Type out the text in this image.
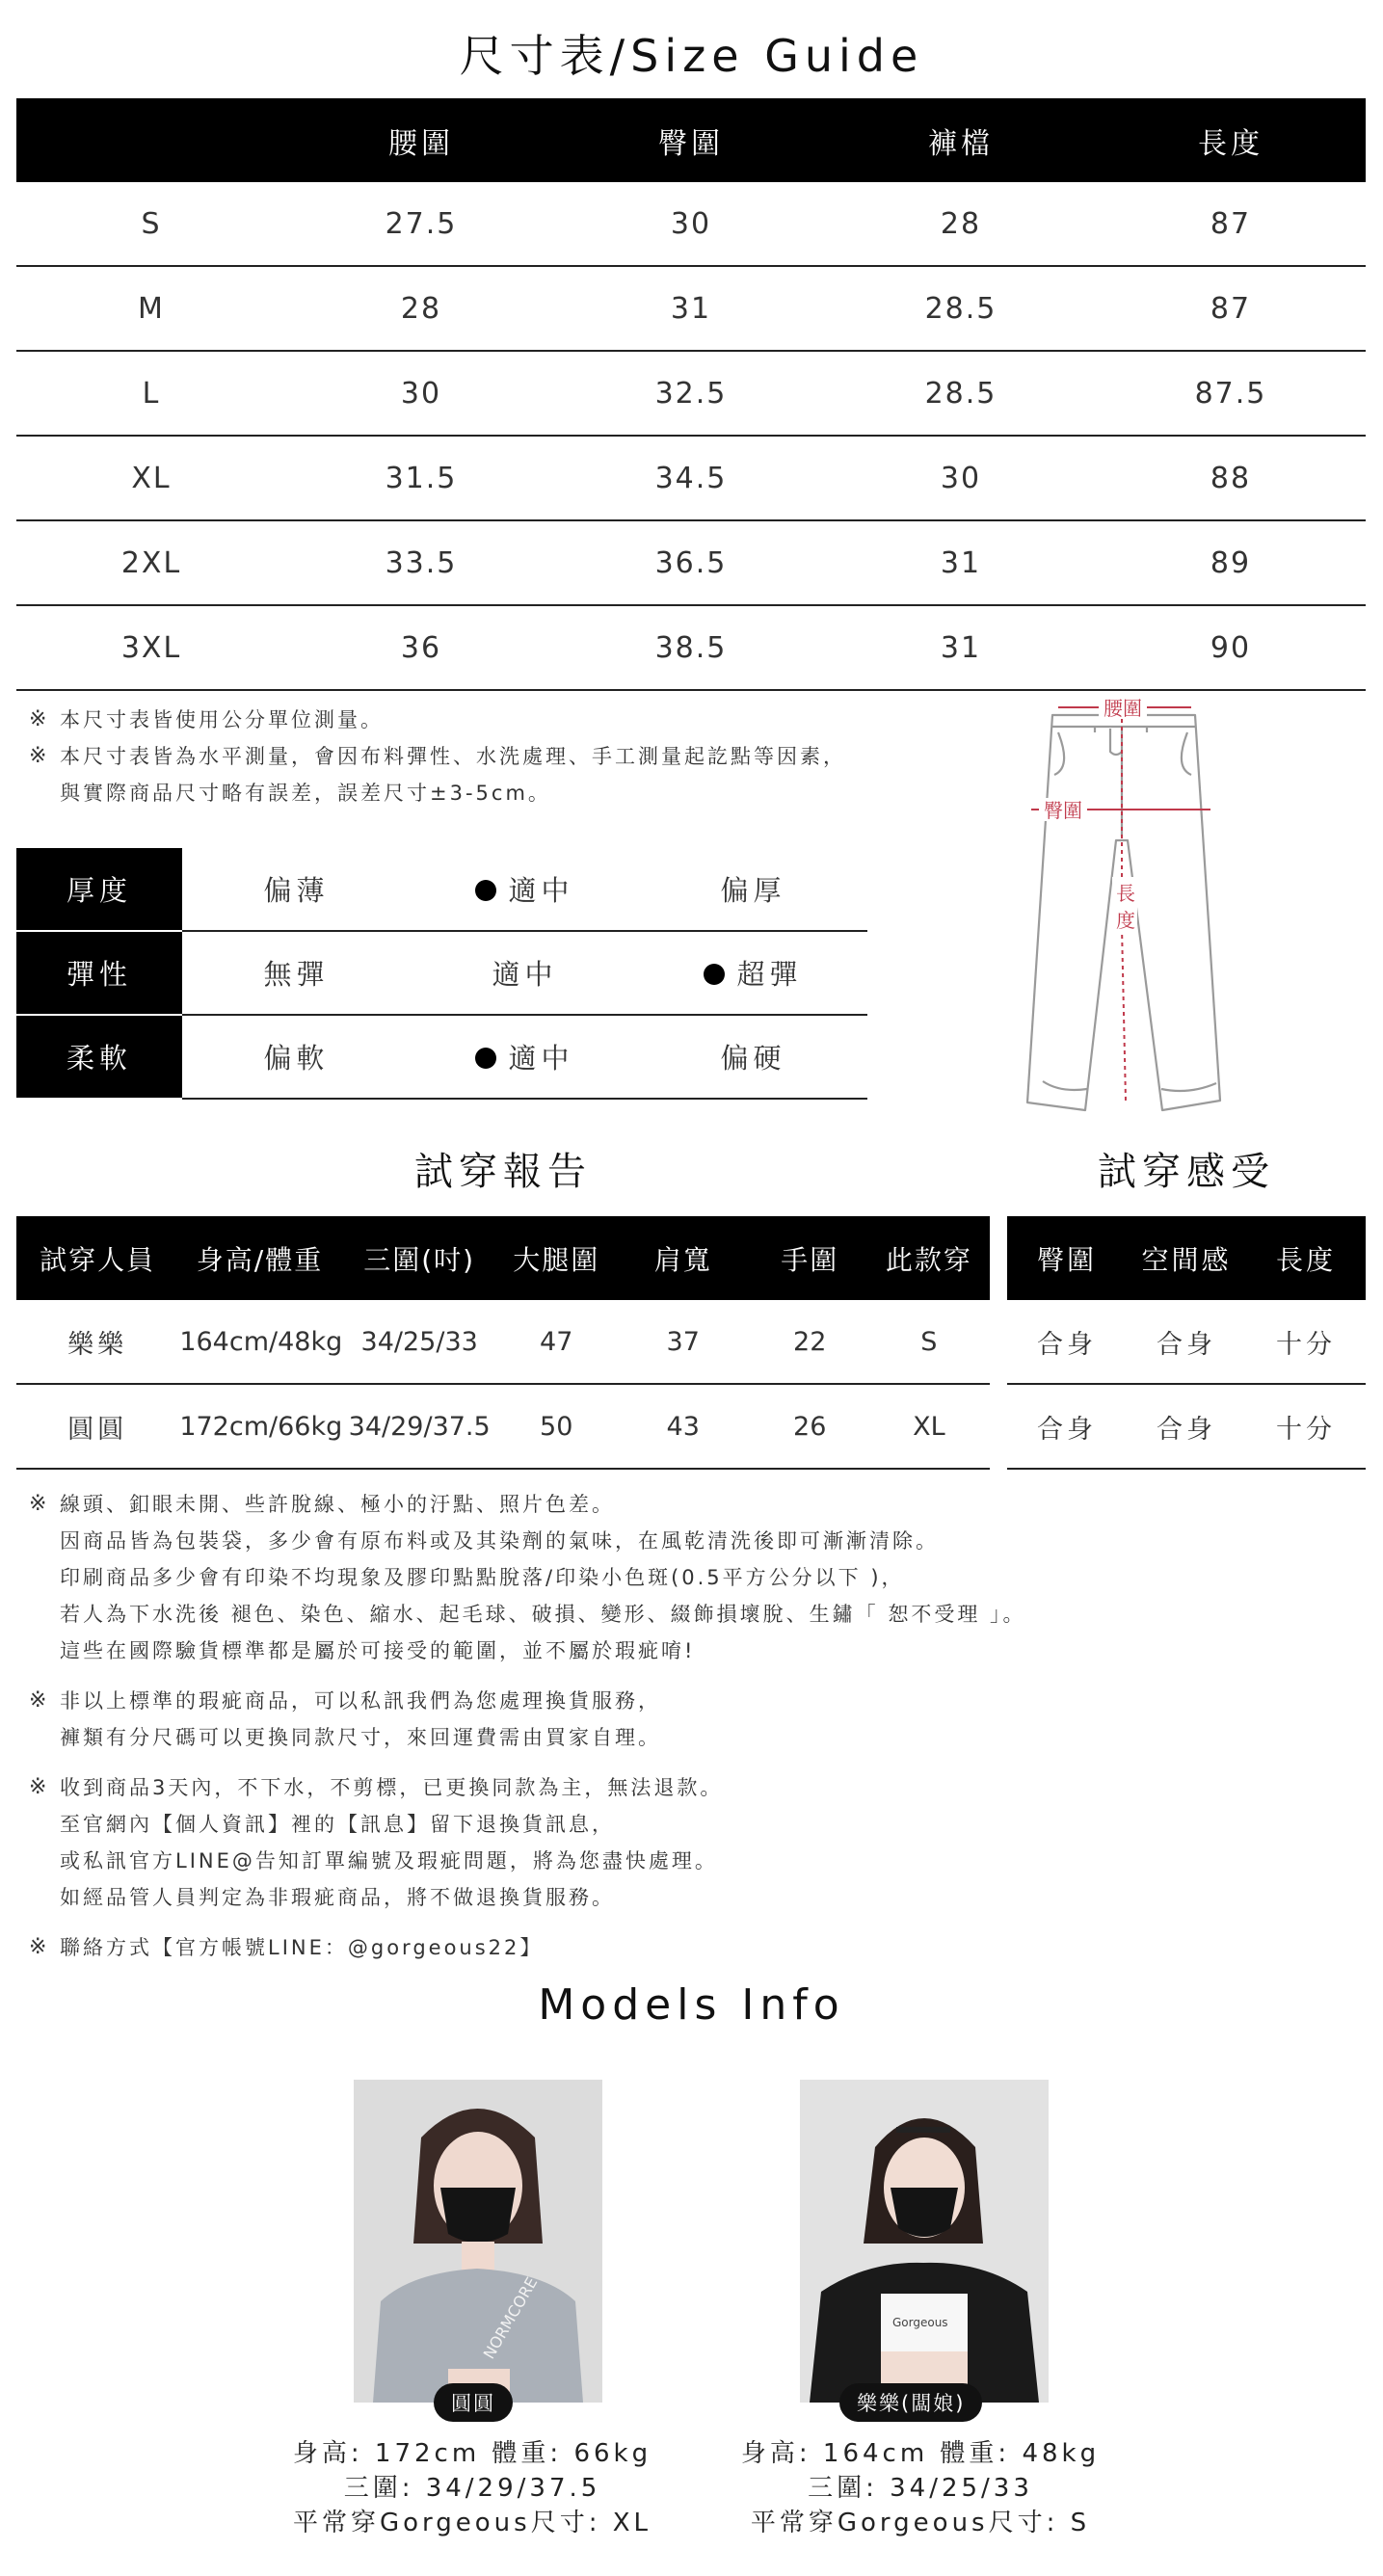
尺寸表/Size Guide
	腰圍	臀圍	褲檔	長度
S	27.5	30	28	87
M	28	31	28.5	87
L	30	32.5	28.5	87.5
XL	31.5	34.5	30	88
2XL	33.5	36.5	31	89
3XL	36	38.5	31	90
※ 本尺寸表皆使用公分單位測量。
※ 本尺寸表皆為水平測量，會因布料彈性、水洗處理、手工測量起訖點等因素，
與實際商品尺寸略有誤差，誤差尺寸±3-5cm。
腰圍
臀圍
長
度
厚度	偏薄	適中	偏厚
彈性	無彈	適中	超彈
柔軟	偏軟	適中	偏硬
試穿報告	試穿感受
試穿人員	身高/體重	三圍(吋)	大腿圍	肩寬	手圍	此款穿
樂樂	164cm/48kg	34/25/33	47	37	22	S
圓圓	172cm/66kg	34/29/37.5	50	43	26	XL
臀圍	空間感	長度
合身	合身	十分
合身	合身	十分
※ 線頭、釦眼未開、些許脫線、極小的汙點、照片色差。
因商品皆為包裝袋，多少會有原布料或及其染劑的氣味，在風乾清洗後即可漸漸清除。
印刷商品多少會有印染不均現象及膠印點點脫落/印染小色斑(0.5平方公分以下 )，
若人為下水洗後 褪色、染色、縮水、起毛球、破損、變形、綴飾損壞脫、生鏽「 恕不受理 」。
這些在國際驗貨標準都是屬於可接受的範圍，並不屬於瑕疵唷!
※ 非以上標準的瑕疵商品，可以私訊我們為您處理換貨服務，
褲類有分尺碼可以更換同款尺寸，來回運費需由買家自理。
※ 收到商品3天內，不下水，不剪標，已更換同款為主，無法退款。
至官網內【個人資訊】裡的【訊息】留下退換貨訊息，
或私訊官方LINE@告知訂單編號及瑕疵問題，將為您盡快處理。
如經品管人員判定為非瑕疵商品，將不做退換貨服務。
※ 聯絡方式【官方帳號LINE：@gorgeous22】
Models Info
NORMCORE
圓圓
Gorgeous
樂樂(闆娘)
身高: 172cm 體重: 66kg
三圍: 34/29/37.5
平常穿Gorgeous尺寸: XL
身高: 164cm 體重: 48kg
三圍: 34/25/33
平常穿Gorgeous尺寸: S
